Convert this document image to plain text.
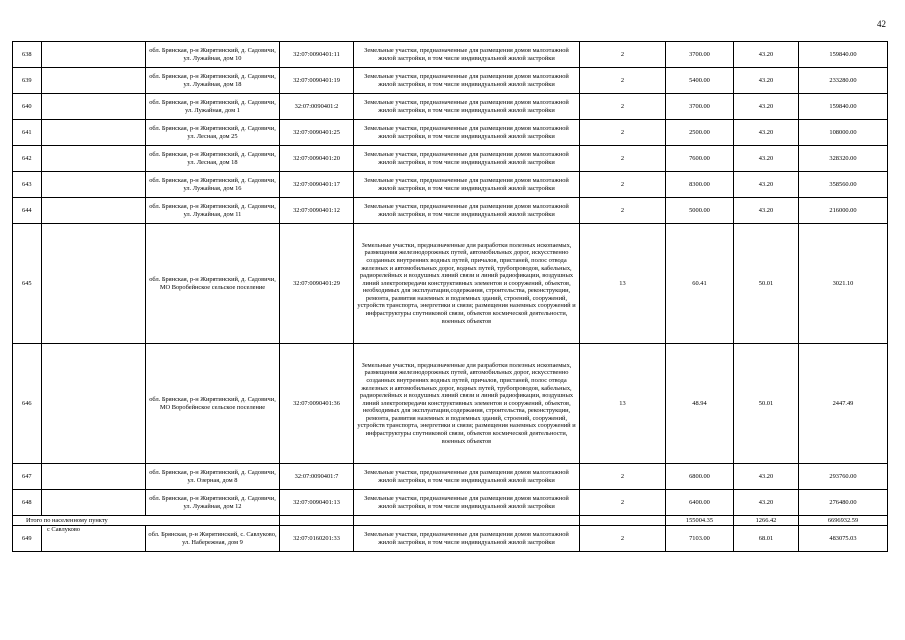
42
638		обл. Брянская, р-н Жирятинский, д. Садовичи, ул. Лужайная, дом 10	32:07:0090401:11	Земельные участки, предназначенные для размещения домов малоэтажной жилой застройки, в том числе индивидуальной жилой застройки	2	3700.00	43.20	159840.00
639		обл. Брянская, р-н Жирятинский, д. Садовичи, ул. Лужайная, дом 18	32:07:0090401:19	Земельные участки, предназначенные для размещения домов малоэтажной жилой застройки, в том числе индивидуальной жилой застройки	2	5400.00	43.20	233280.00
640		обл. Брянская, р-н Жирятинский, д. Садовичи, ул. Лужайная, дом 1	32:07:0090401:2	Земельные участки, предназначенные для размещения домов малоэтажной жилой застройки, в том числе индивидуальной жилой застройки	2	3700.00	43.20	159840.00
641		обл. Брянская, р-н Жирятинский, д. Садовичи, ул. Лесная, дом 25	32:07:0090401:25	Земельные участки, предназначенные для размещения домов малоэтажной жилой застройки, в том числе индивидуальной жилой застройки	2	2500.00	43.20	108000.00
642		обл. Брянская, р-н Жирятинский, д. Садовичи, ул. Лесная, дом 18	32:07:0090401:20	Земельные участки, предназначенные для размещения домов малоэтажной жилой застройки, в том числе индивидуальной жилой застройки	2	7600.00	43.20	328320.00
643		обл. Брянская, р-н Жирятинский, д. Садовичи, ул. Лужайная, дом 16	32:07:0090401:17	Земельные участки, предназначенные для размещения домов малоэтажной жилой застройки, в том числе индивидуальной жилой застройки	2	8300.00	43.20	358560.00
644		обл. Брянская, р-н Жирятинский, д. Садовичи, ул. Лужайная, дом 11	32:07:0090401:12	Земельные участки, предназначенные для размещения домов малоэтажной жилой застройки, в том числе индивидуальной жилой застройки	2	5000.00	43.20	216000.00
645		обл. Брянская, р-н Жирятинский, д. Садовичи, МО Воробейнское сельское поселение	32:07:0090401:29	Земельные участки, предназначенные для разработки полезных ископаемых, размещения железнодорожных путей, автомобильных дорог, искусственно созданных внутренних водных путей, причалов, пристаней, полос отвода железных и автомобильных дорог, водных путей, трубопроводов, кабельных, радиорелейных и воздушных линий связи и линий радиофикации, воздушных линий электропередачи конструктивных элементов и сооружений, объектов, необходимых для эксплуатации,содержания, строительства, реконструкции, ремонта, развития наземных и подземных зданий, строений, сооружений, устройств транспорта, энергетики и связи; размещения наземных сооружений и инфраструктуры спутниковой связи, объектов космической деятельности, военных объектов	13	60.41	50.01	3021.10
646		обл. Брянская, р-н Жирятинский, д. Садовичи, МО Воробейнское сельское поселение	32:07:0090401:36	Земельные участки, предназначенные для разработки полезных ископаемых, размещения железнодорожных путей, автомобильных дорог, искусственно созданных внутренних водных путей, причалов, пристаней, полос отвода железных и автомобильных дорог, водных путей, трубопроводов, кабельных, радиорелейных и воздушных линий связи и линий радиофикации, воздушных линий электропередачи конструктивных элементов и сооружений, объектов, необходимых для эксплуатации,содержания, строительства, реконструкции, ремонта, развития наземных и подземных зданий, строений, сооружений, устройств транспорта, энергетики и связи; размещения наземных сооружений и инфраструктуры спутниковой связи, объектов космической деятельности, военных объектов	13	48.94	50.01	2447.49
647		обл. Брянская, р-н Жирятинский, д. Садовичи, ул. Озерная, дом 8	32:07:0090401:7	Земельные участки, предназначенные для размещения домов малоэтажной жилой застройки, в том числе индивидуальной жилой застройки	2	6800.00	43.20	293760.00
648		обл. Брянская, р-н Жирятинский, д. Садовичи, ул. Лужайная, дом 12	32:07:0090401:13	Земельные участки, предназначенные для размещения домов малоэтажной жилой застройки, в том числе индивидуальной жилой застройки	2	6400.00	43.20	276480.00
Итого по населенному пункту						155004.35	1266.42	6696932.59
649	с Савлуково	обл. Брянская, р-н Жирятинский, с. Савлуково, ул. Набережная, дом 9	32:07:0160201:33	Земельные участки, предназначенные для размещения домов малоэтажной жилой застройки, в том числе индивидуальной жилой застройки	2	7103.00	68.01	483075.03
